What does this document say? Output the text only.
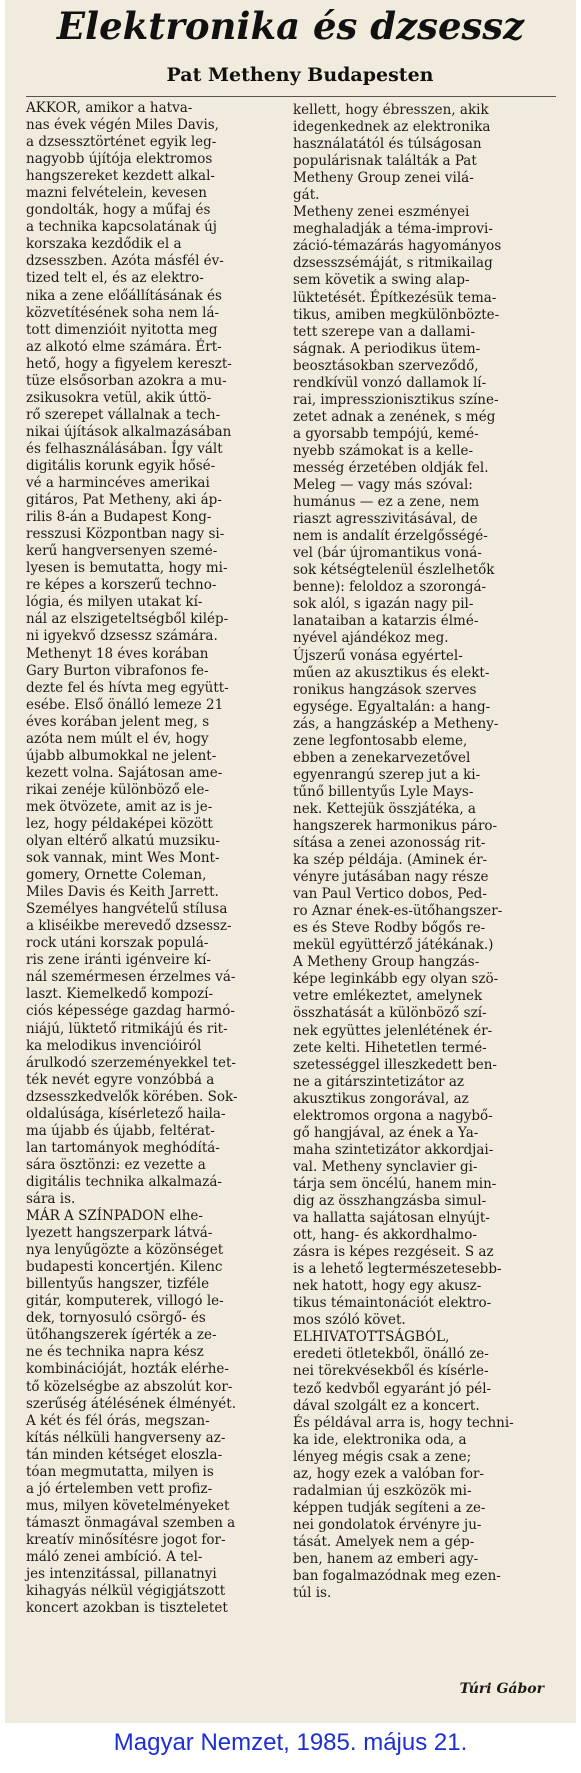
Elektronika és dzsessz
Pat Metheny Budapesten
AKKOR, amikor a hatva-
nas évek végén Miles Davis,
a dzsessztörténet egyik leg-
nagyobb újítója elektromos
hangszereket kezdett alkal-
mazni felvételein, kevesen
gondolták, hogy a műfaj és
a technika kapcsolatának új
korszaka kezdődik el a
dzsesszben. Azóta másfél év-
tized telt el, és az elektro-
nika a zene előállításának és
közvetítésének soha nem lá-
tott dimenzióit nyitotta meg
az alkotó elme számára. Ért-
hető, hogy a figyelem kereszt-
tüze elsősorban azokra a mu-
zsikusokra vetül, akik úttö-
rő szerepet vállalnak a tech-
nikai újítások alkalmazásában
és felhasználásában. Így vált
digitális korunk egyik hősé-
vé a harmincéves amerikai
gitáros, Pat Metheny, aki áp-
rilis 8-án a Budapest Kong-
resszusi Központban nagy si-
kerű hangversenyen szemé-
lyesen is bemutatta, hogy mi-
re képes a korszerű techno-
lógia, és milyen utakat kí-
nál az elszigeteltségből kilép-
ni igyekvő dzsessz számára.
Methenyt 18 éves korában
Gary Burton vibrafonos fe-
dezte fel és hívta meg együtt-
esébe. Első önálló lemeze 21
éves korában jelent meg, s
azóta nem múlt el év, hogy
újabb albumokkal ne jelent-
kezett volna. Sajátosan ame-
rikai zenéje különböző ele-
mek ötvözete, amit az is je-
lez, hogy példaképei között
olyan eltérő alkatú muzsiku-
sok vannak, mint Wes Mont-
gomery, Ornette Coleman,
Miles Davis és Keith Jarrett.
Személyes hangvételű stílusa
a kliséikbe merevedő dzsessz-
rock utáni korszak populá-
ris zene iránti igénveire kí-
nál szemérmesen érzelmes vá-
laszt. Kiemelkedő kompozí-
ciós képessége gazdag harmó-
niájú, lüktető ritmikájú és rit-
ka melodikus invencióiról
árulkodó szerzeményekkel tet-
ték nevét egyre vonzóbbá a
dzsesszkedvelők körében. Sok-
oldalúsága, kísérletező haila-
ma újabb és újabb, feltérat-
lan tartományok meghódítá-
sára ösztönzi: ez vezette a
digitális technika alkalmazá-
sára is.
MÁR A SZÍNPADON elhe-
lyezett hangszerpark látvá-
nya lenyűgözte a közönséget
budapesti koncertjén. Kilenc
billentyűs hangszer, tizféle
gitár, komputerek, villogó le-
dek, tornyosuló csörgő- és
ütőhangszerek ígérték a ze-
ne és technika napra kész
kombinációját, hozták elérhe-
tő közelségbe az abszolút kor-
szerűség átélésének élményét.
A két és fél órás, megszan-
kítás nélküli hangverseny az-
tán minden kétséget eloszla-
tóan megmutatta, milyen is
a jó értelemben vett profiz-
mus, milyen követelményeket
támaszt önmagával szemben a
kreatív minősítésre jogot for-
máló zenei ambíció. A tel-
jes intenzitással, pillanatnyi
kihagyás nélkül végigjátszott
koncert azokban is tiszteletet
kellett, hogy ébresszen, akik
idegenkednek az elektronika
használatától és túlságosan
populárisnak találták a Pat
Metheny Group zenei vilá-
gát.
Metheny zenei eszményei
meghaladják a téma-improvi-
záció-témazárás hagyományos
dzsesszsémáját, s ritmikailag
sem követik a swing alap-
lüktetését. Építkezésük tema-
tikus, amiben megkülönbözte-
tett szerepe van a dallami-
ságnak. A periodikus ütem-
beosztásokban szerveződő,
rendkívül vonzó dallamok lí-
rai, impresszionisztikus színe-
zetet adnak a zenének, s még
a gyorsabb tempójú, kemé-
nyebb számokat is a kelle-
messég érzetében oldják fel.
Meleg — vagy más szóval:
humánus — ez a zene, nem
riaszt agresszivitásával, de
nem is andalít érzelgősségé-
vel (bár újromantikus voná-
sok kétségtelenül észlelhetők
benne): feloldoz a szorongá-
sok alól, s igazán nagy pil-
lanataiban a katarzis élmé-
nyével ajándékoz meg.
Újszerű vonása egyértel-
műen az akusztikus és elekt-
ronikus hangzások szerves
egysége. Egyaltalán: a hang-
zás, a hangzáskép a Metheny-
zene legfontosabb eleme,
ebben a zenekarvezetővel
egyenrangú szerep jut a ki-
tűnő billentyűs Lyle Mays-
nek. Kettejük összjátéka, a
hangszerek harmonikus páro-
sítása a zenei azonosság rit-
ka szép példája. (Aminek ér-
vényre jutásában nagy része
van Paul Vertico dobos, Ped-
ro Aznar ének-es-ütőhangszer-
es és Steve Rodby bőgős re-
mekül együttérző játékának.)
A Metheny Group hangzás-
képe leginkább egy olyan szö-
vetre emlékeztet, amelynek
összhatását a különböző szí-
nek együttes jelenlétének ér-
zete kelti. Hihetetlen termé-
szetességgel illeszkedett ben-
ne a gitárszintetizátor az
akusztikus zongorával, az
elektromos orgona a nagybő-
gő hangjával, az ének a Ya-
maha szintetizátor akkordjai-
val. Metheny synclavier gi-
tárja sem öncélú, hanem min-
dig az összhangzásba simul-
va hallatta sajátosan elnyújt-
ott, hang- és akkordhalmo-
zásra is képes rezgéseit. S az
is a lehető legtermészetesebb-
nek hatott, hogy egy akusz-
tikus témaintonációt elektro-
mos szóló követ.
ELHIVATOTTSÁGBÓL,
eredeti ötletekből, önálló ze-
nei törekvésekből és kísérle-
tező kedvből egyaránt jó pél-
dával szolgált ez a koncert.
És példával arra is, hogy techni-
ka ide, elektronika oda, a
lényeg mégis csak a zene;
az, hogy ezek a valóban for-
radalmian új eszközök mi-
képpen tudják segíteni a ze-
nei gondolatok érvényre ju-
tását. Amelyek nem a gép-
ben, hanem az emberi agy-
ban fogalmazódnak meg ezen-
túl is.
Túri Gábor
Magyar Nemzet, 1985. május 21.
